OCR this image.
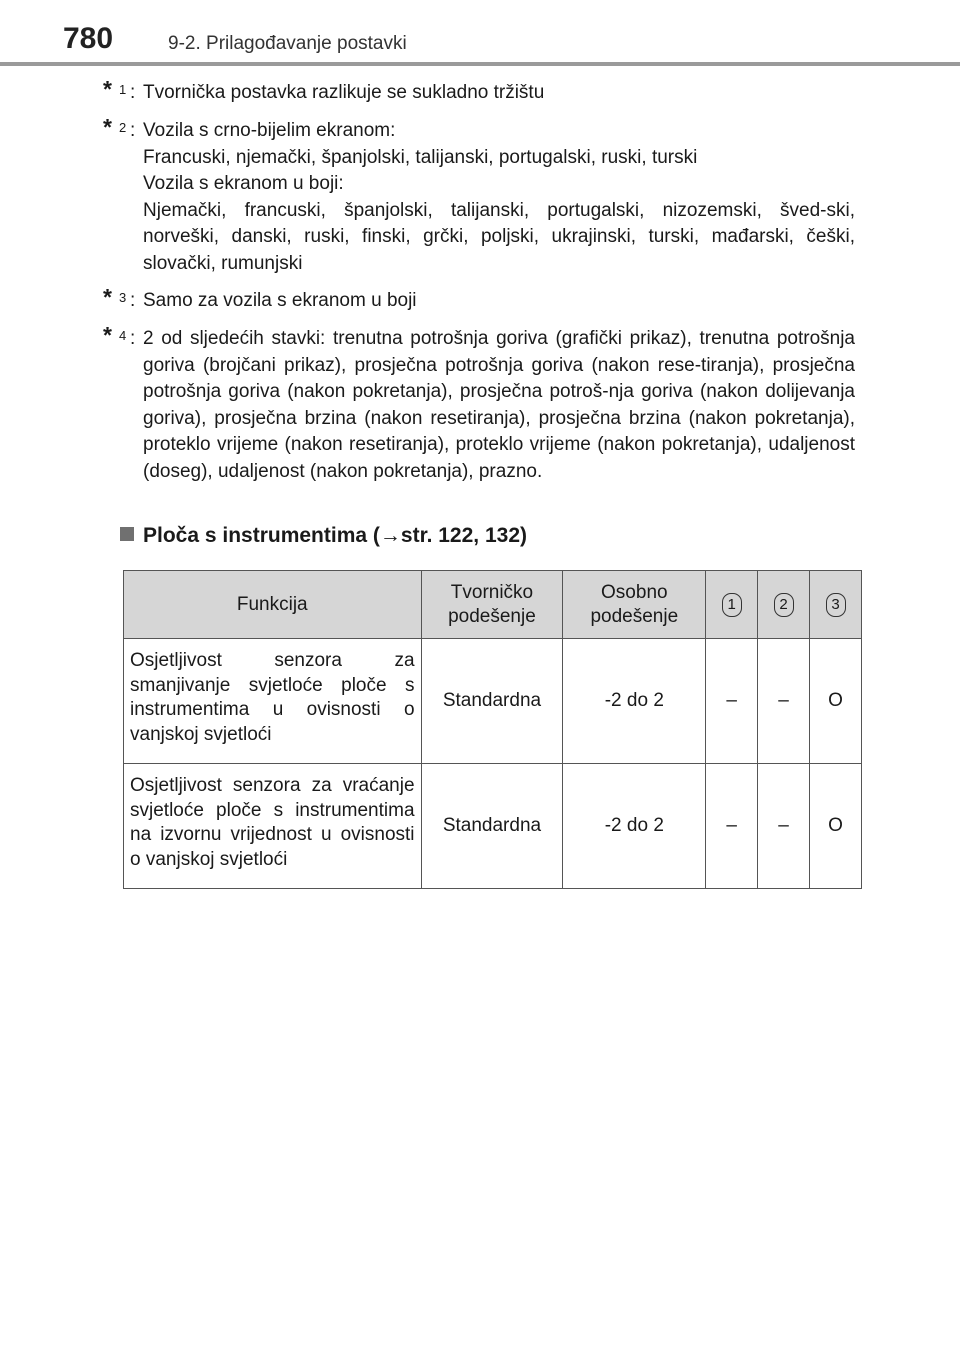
780	9-2. Prilagođavanje postavki
* 1 : Tvornička postavka razlikuje se sukladno tržištu

* 2 : Vozila s crno-bijelim ekranom:

Francuski, njemački, španjolski, talijanski, portugalski, ruski, turski

Vozila s ekranom u boji:

Njemački, francuski, španjolski, talijanski, portugalski, nizozemski, šved-ski, norveški, danski, ruski, finski, grčki, poljski, ukrajinski, turski, mađarski, češki, slovački, rumunjski

* 3 : Samo za vozila s ekranom u boji

* 4 : 2 od sljedećih stavki: trenutna potrošnja goriva (grafički prikaz), trenutna potrošnja goriva (brojčani prikaz), prosječna potrošnja goriva (nakon rese-tiranja), prosječna potrošnja goriva (nakon pokretanja), prosječna potroš-nja goriva (nakon dolijevanja goriva), prosječna brzina (nakon resetiranja), prosječna brzina (nakon pokretanja), proteklo vrijeme (nakon resetiranja), proteklo vrijeme (nakon pokretanja), udaljenost (doseg), udaljenost (nakon pokretanja), prazno.

Ploča s instrumentima (→str. 122, 132)
Funkcija	Tvorničko podešenje	Osobno podešenje	1	2	3
Osjetljivost senzora za smanjivanje svjetloće ploče s instrumentima u ovisnosti o vanjskoj svjetloći	Standardna	-2 do 2	–	–	O
Osjetljivost senzora za vraćanje svjetloće ploče s instrumentima na izvornu vrijednost u ovisnosti o vanjskoj svjetloći	Standardna	-2 do 2	–	–	O
